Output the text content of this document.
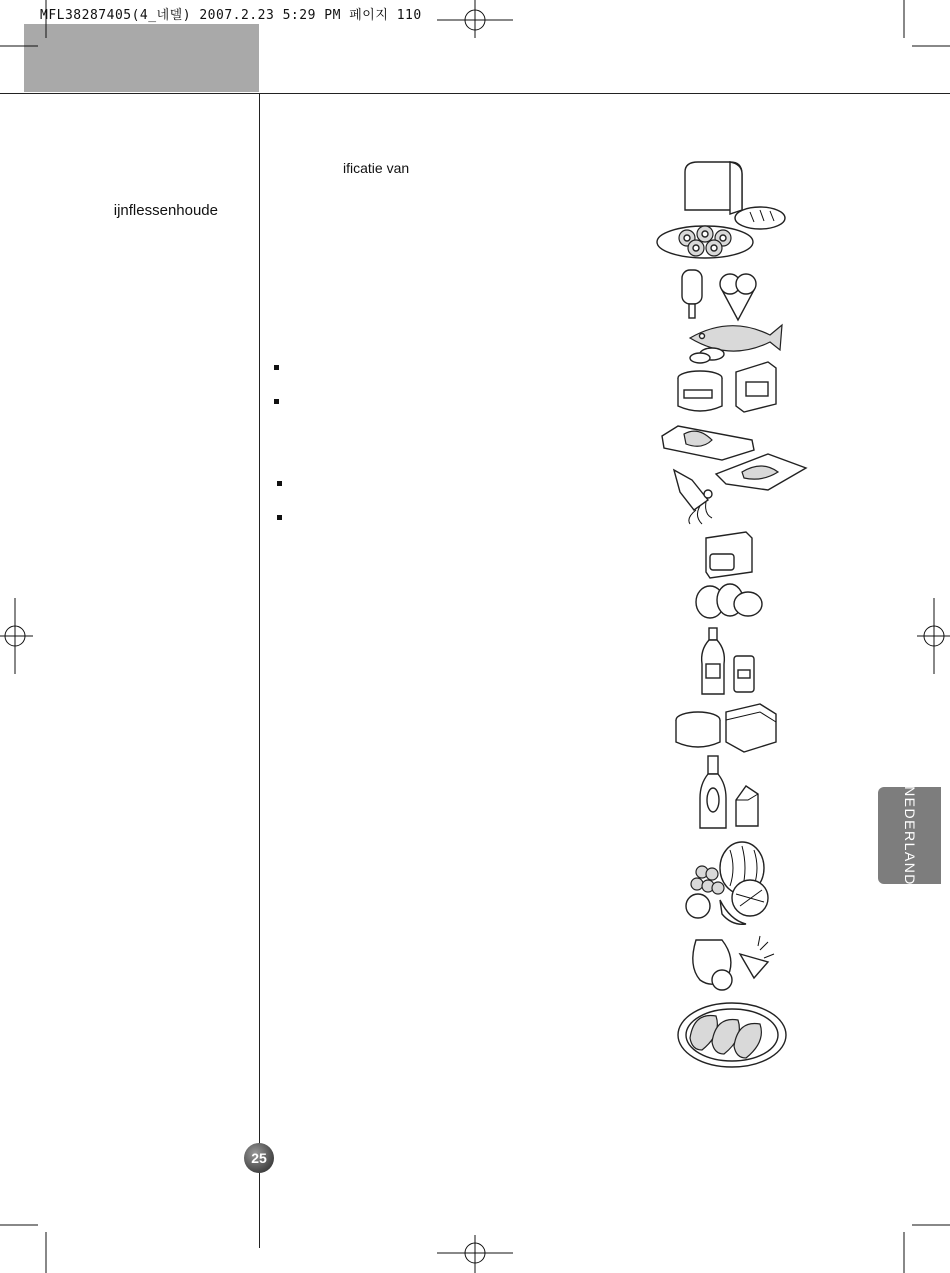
MFL38287405(4_네델) 2007.2.23 5:29 PM 페이지 110
ijnflessenhoude
ificatie van
NEDERLAND
25
